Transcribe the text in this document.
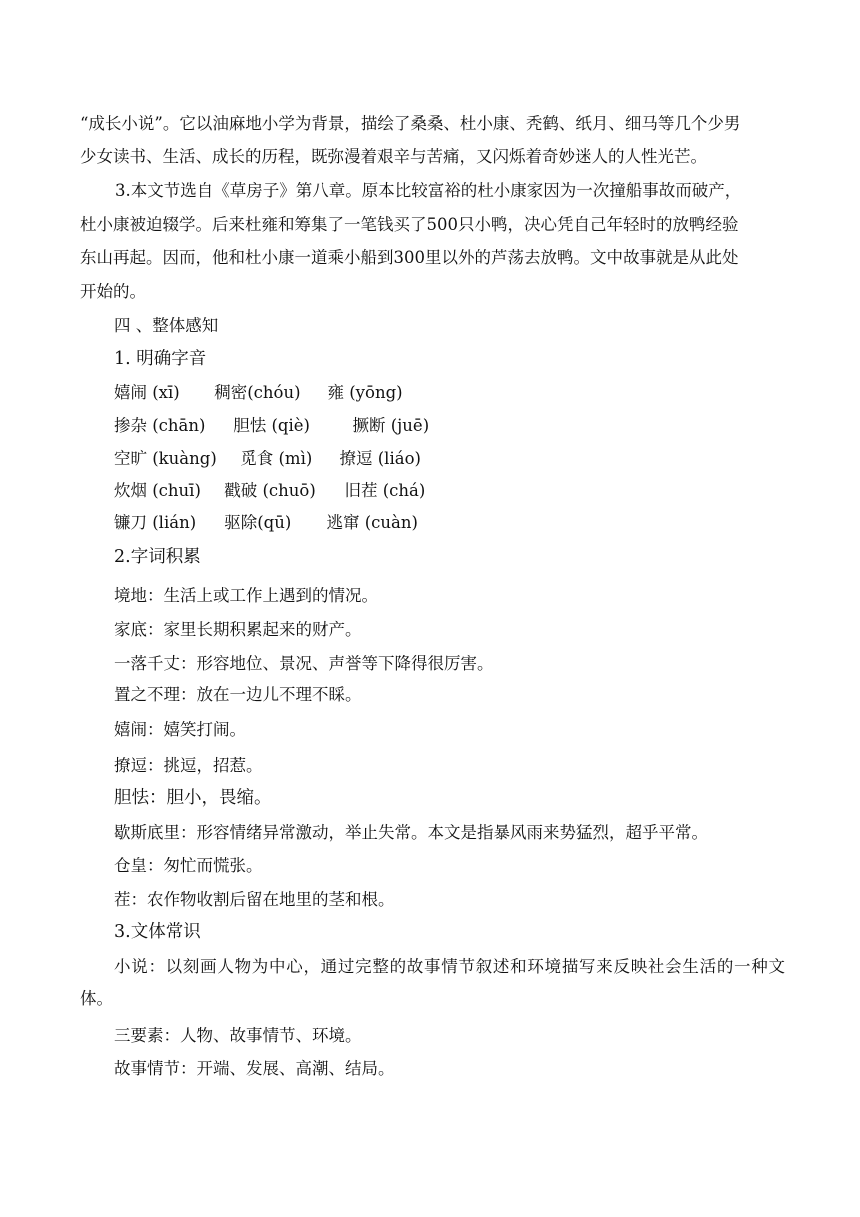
“成长小说”。它以油麻地小学为背景，描绘了桑桑、杜小康、秃鹤、纸月、细马等几个少男
少女读书、生活、成长的历程，既弥漫着艰辛与苦痛，又闪烁着奇妙迷人的人性光芒。
3.本文节选自《草房子》第八章。原本比较富裕的杜小康家因为一次撞船事故而破产，
杜小康被迫辍学。后来杜雍和筹集了一笔钱买了500只小鸭，决心凭自己年轻时的放鸭经验
东山再起。因而，他和杜小康一道乘小船到300里以外的芦荡去放鸭。文中故事就是从此处
开始的。
四 、整体感知
1. 明确字音
嬉闹 (xī) 稠密(chóu) 雍 (yōng)
掺杂 (chān) 胆怯 (qiè)	撅断 (juē)
空旷 (kuàng) 觅食 (mì) 撩逗 (liáo)
炊烟 (chuī) 戳破 (chuō) 旧茬 (chá)
镰刀 (lián) 驱除(qū) 逃窜 (cuàn)
2.字词积累
境地：生活上或工作上遇到的情况。
家底：家里长期积累起来的财产。
一落千丈：形容地位、景况、声誉等下降得很厉害。
置之不理：放在一边儿不理不睬。
嬉闹：嬉笑打闹。
撩逗：挑逗，招惹。
胆怯：胆小，畏缩。
歇斯底里：形容情绪异常激动，举止失常。本文是指暴风雨来势猛烈，超乎平常。
仓皇：匆忙而慌张。
茬：农作物收割后留在地里的茎和根。
3.文体常识
小说：以刻画人物为中心，通过完整的故事情节叙述和环境描写来反映社会生活的一种文体。
三要素：人物、故事情节、环境。
故事情节：开端、发展、高潮、结局。
